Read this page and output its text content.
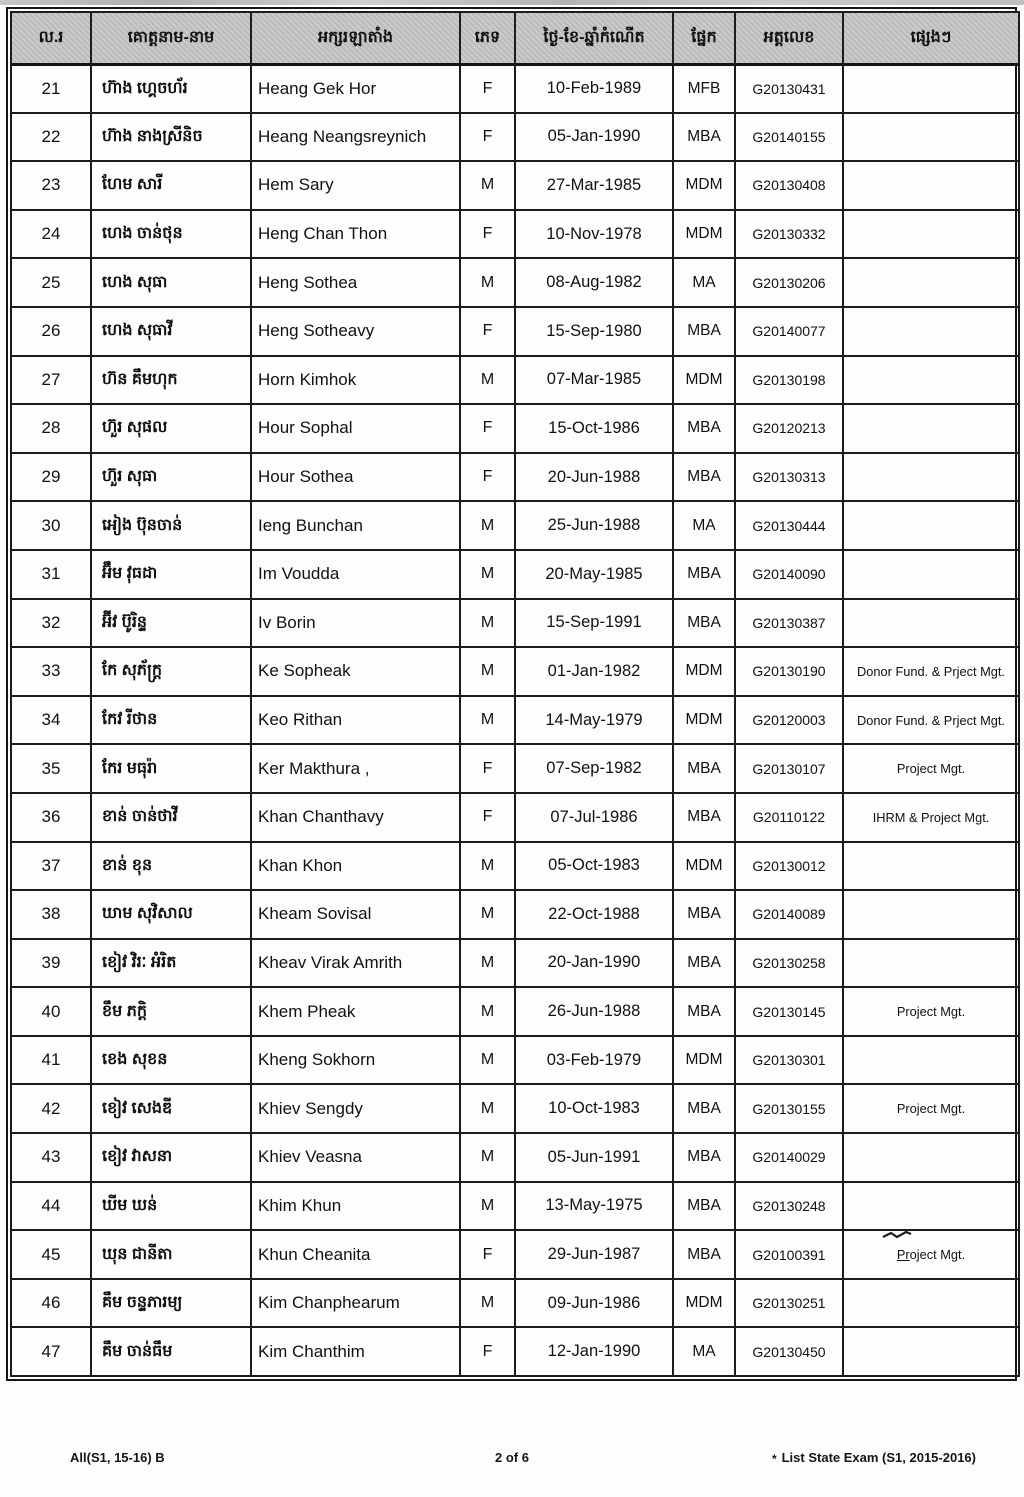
ល.រ	គោត្តនាម-នាម	អក្សរឡាតាំង	ភេទ	ថ្ងៃ-ខែ-ឆ្នាំកំណើត	ផ្នែក	អត្តលេខ	ផ្សេងៗ
21	ហ៊ាង ហ្គេចហ័រ	Heang Gek Hor	F	10-Feb-1989	MFB	G20130431	
22	ហ៊ាង នាងស្រីនិច	Heang Neangsreynich	F	05-Jan-1990	MBA	G20140155	
23	ហែម សារី	Hem Sary	M	27-Mar-1985	MDM	G20130408	
24	ហេង ចាន់ថុន	Heng Chan Thon	F	10-Nov-1978	MDM	G20130332	
25	ហេង សុធា	Heng Sothea	M	08-Aug-1982	MA	G20130206	
26	ហេង សុធាវី	Heng Sotheavy	F	15-Sep-1980	MBA	G20140077	
27	ហ៊ន គឹមហុក	Horn Kimhok	M	07-Mar-1985	MDM	G20130198	
28	ហ៊ួរ សុផល	Hour Sophal	F	15-Oct-1986	MBA	G20120213	
29	ហ៊ួរ សុធា	Hour Sothea	F	20-Jun-1988	MBA	G20130313	
30	អៀង ប៊ុនចាន់	Ieng Bunchan	M	25-Jun-1988	MA	G20130444	
31	អ៊ឹម វុធដា	Im Voudda	M	20-May-1985	MBA	G20140090	
32	អ៊ីវ ប៊ូរិន្ទ	Iv Borin	M	15-Sep-1991	MBA	G20130387	
33	កែ សុភ័ក្រ្ត	Ke Sopheak	M	01-Jan-1982	MDM	G20130190	Donor Fund. & Prject Mgt.
34	កែវ រីថាន	Keo Rithan	M	14-May-1979	MDM	G20120003	Donor Fund. & Prject Mgt.
35	កែរ មធុរ៉ា	Ker Makthura ,	F	07-Sep-1982	MBA	G20130107	Project Mgt.
36	ខាន់ ចាន់ថាវី	Khan Chanthavy	F	07-Jul-1986	MBA	G20110122	IHRM & Project Mgt.
37	ខាន់ ខុន	Khan Khon	M	05-Oct-1983	MDM	G20130012	
38	ឃាម សុវិសាល	Kheam Sovisal	M	22-Oct-1988	MBA	G20140089	
39	ខៀវ វិរៈ អំរិត	Kheav Virak Amrith	M	20-Jan-1990	MBA	G20130258	
40	ខឹម ភក្តិ	Khem Pheak	M	26-Jun-1988	MBA	G20130145	Project Mgt.
41	ខេង សុខន	Kheng Sokhorn	M	03-Feb-1979	MDM	G20130301	
42	ខៀវ សេងឌី	Khiev Sengdy	M	10-Oct-1983	MBA	G20130155	Project Mgt.
43	ខៀវ វាសនា	Khiev Veasna	M	05-Jun-1991	MBA	G20140029	
44	ឃីម ឃន់	Khim Khun	M	13-May-1975	MBA	G20130248	
45	ឃុន ជានីតា	Khun Cheanita	F	29-Jun-1987	MBA	G20100391	Project Mgt.
46	គឹម ចន្ទភារម្យ	Kim Chanphearum	M	09-Jun-1986	MDM	G20130251	
47	គឹម ចាន់ធឹម	Kim Chanthim	F	12-Jan-1990	MA	G20130450	
All(S1, 15-16) B	2 of 6	* List State Exam (S1, 2015-2016)
